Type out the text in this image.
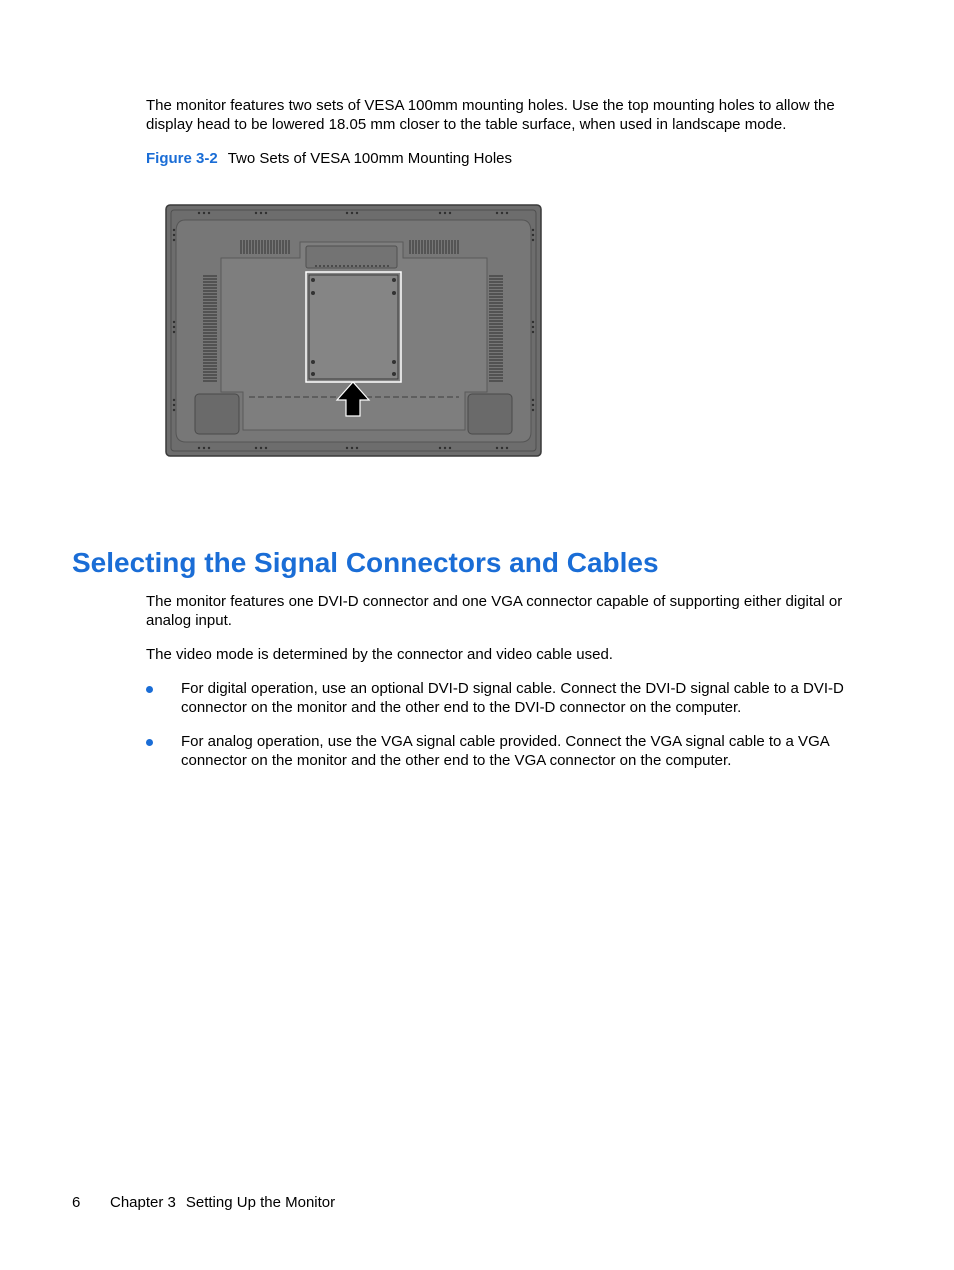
The monitor features two sets of VESA 100mm mounting holes. Use the top mounting holes to allow the display head to be lowered 18.05 mm closer to the table surface, when used in landscape mode.

Figure 3-2 Two Sets of VESA 100mm Mounting Holes
Selecting the Signal Connectors and Cables

The monitor features one DVI-D connector and one VGA connector capable of supporting either digital or analog input.

The video mode is determined by the connector and video cable used.

For digital operation, use an optional DVI-D signal cable. Connect the DVI-D signal cable to a DVI-D connector on the monitor and the other end to the DVI-D connector on the computer.

For analog operation, use the VGA signal cable provided. Connect the VGA signal cable to a VGA connector on the monitor and the other end to the VGA connector on the computer.

6 Chapter 3 Setting Up the Monitor
